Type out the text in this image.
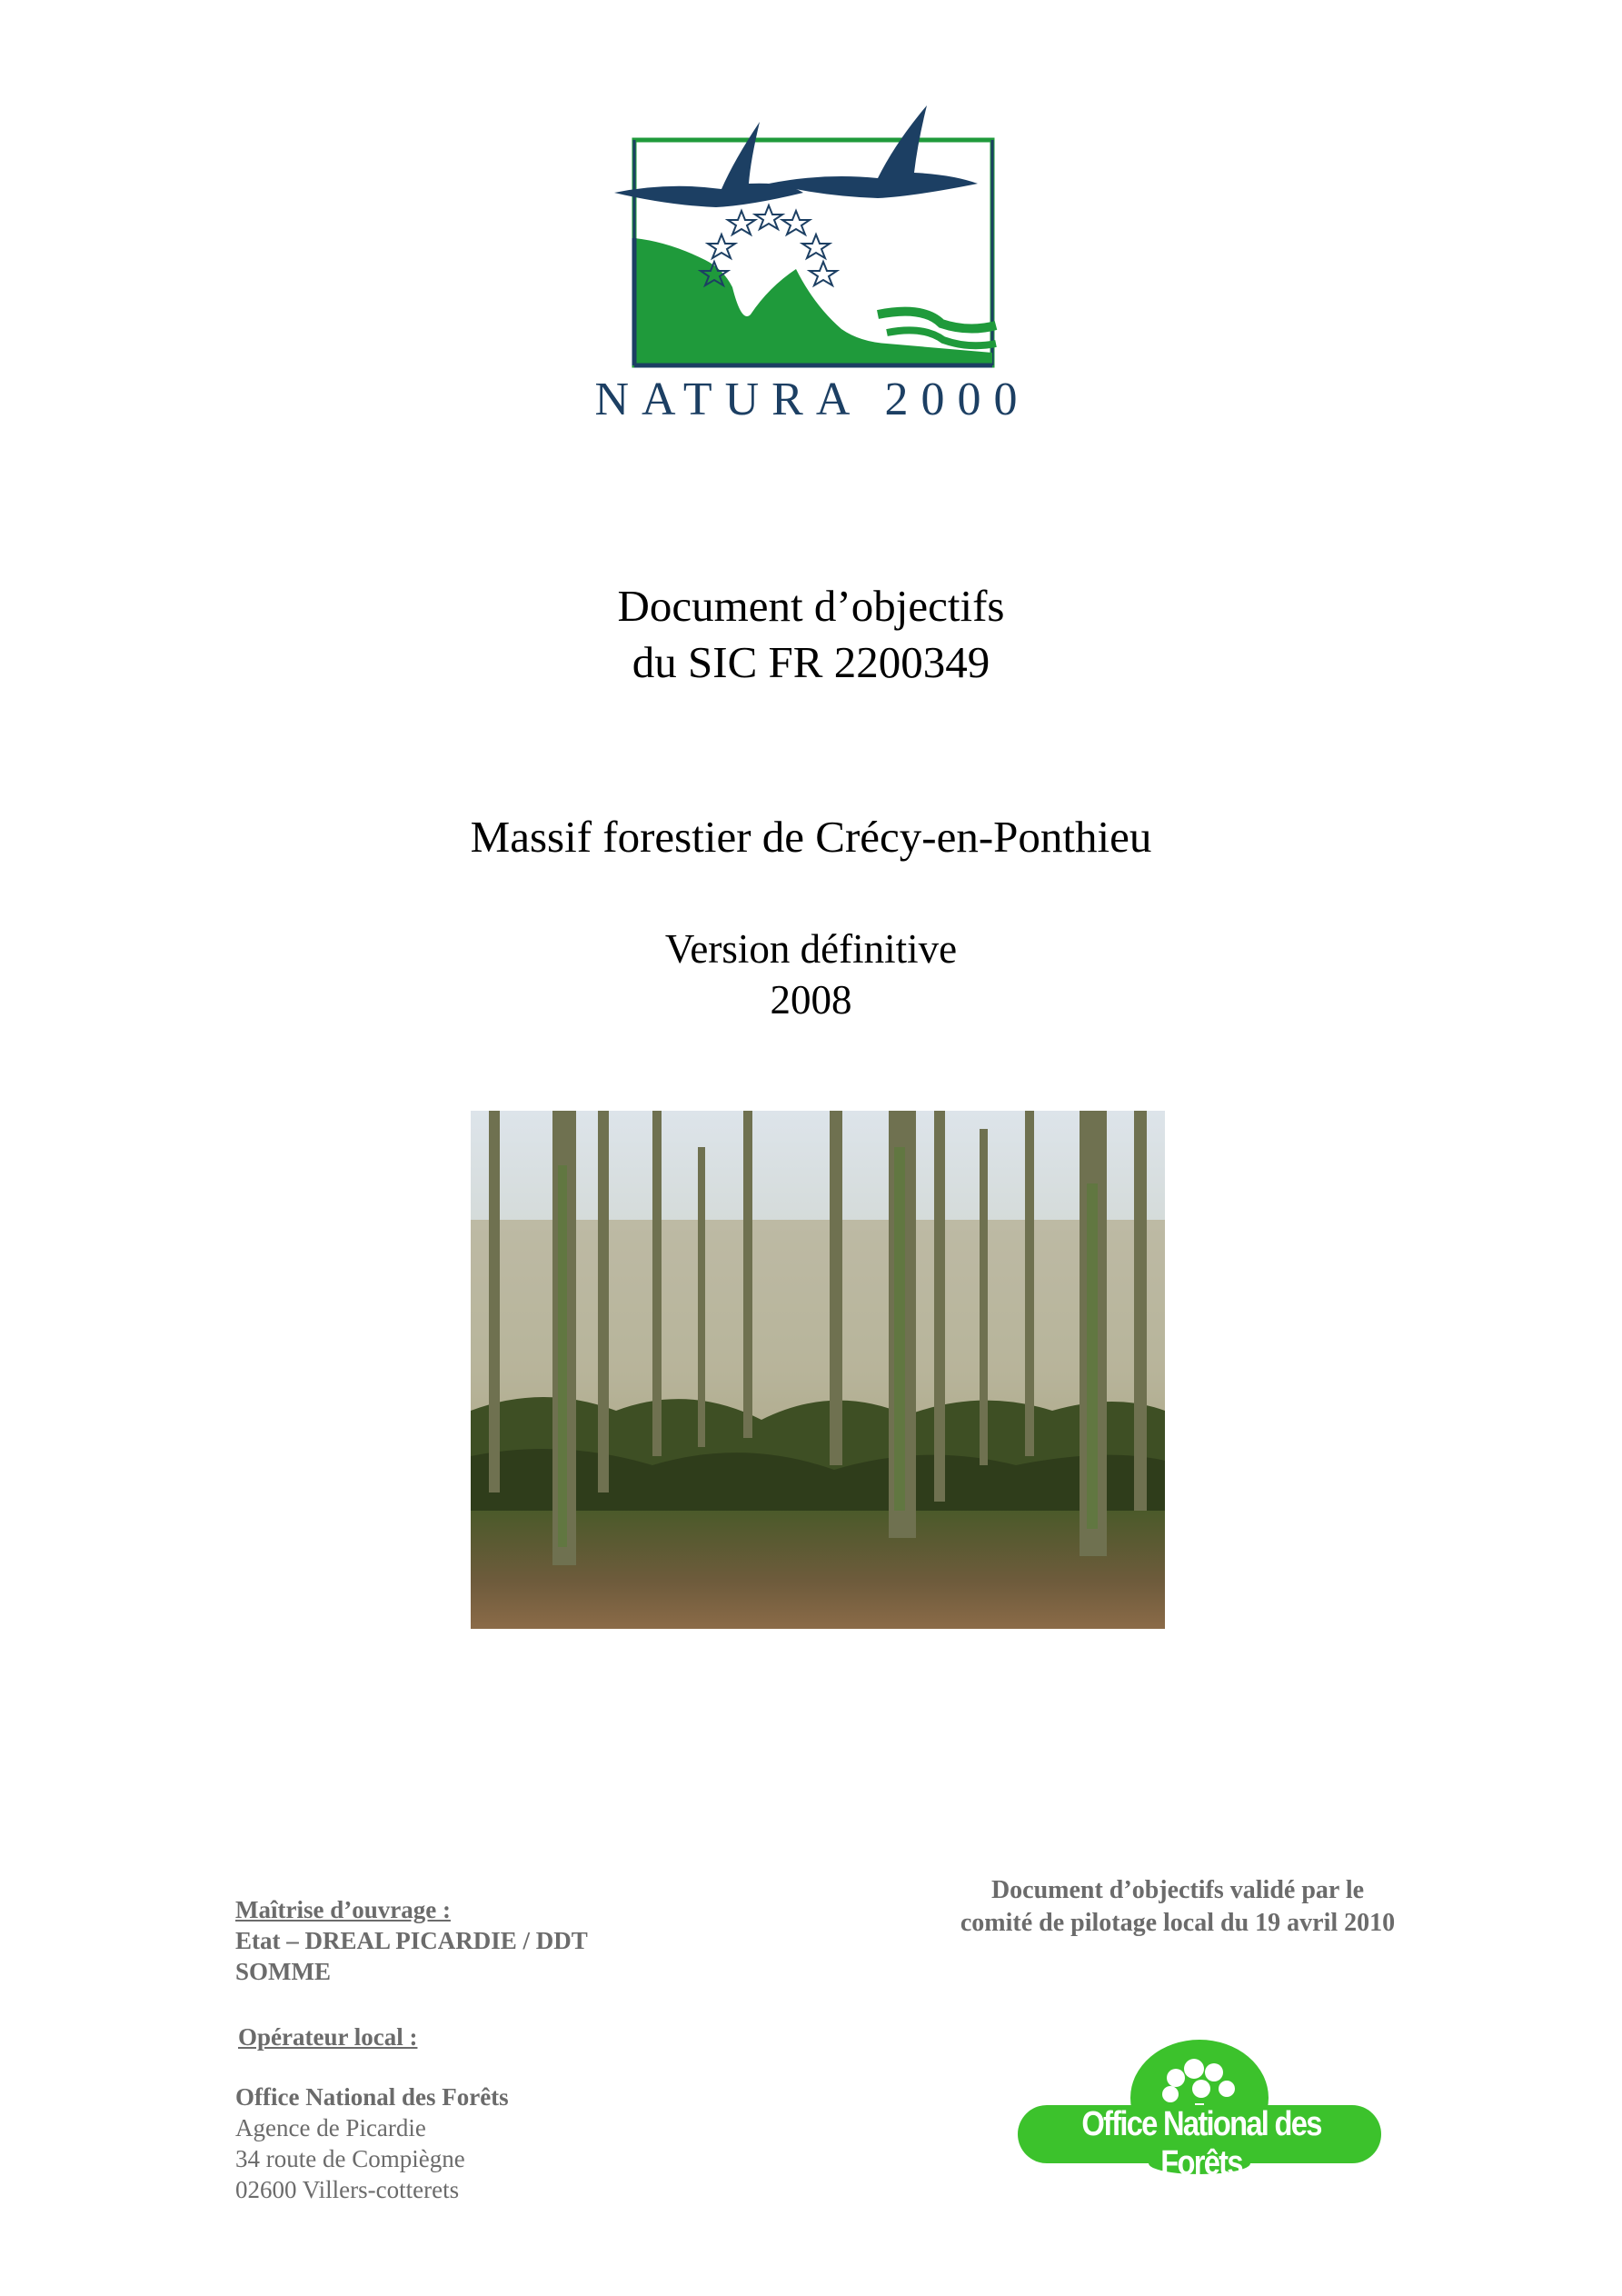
NATURA 2000
Document d’objectifs
du SIC FR 2200349
Massif forestier de Crécy-en-Ponthieu
Version définitive
2008
Maîtrise d’ouvrage :
Etat – DREAL PICARDIE / DDT
SOMME
Opérateur local :
Office National des Forêts
Agence de Picardie
34 route de Compiègne
02600 Villers-cotterets
Document d’objectifs validé par le
comité de pilotage local du 19 avril 2010
Office National des Forêts
